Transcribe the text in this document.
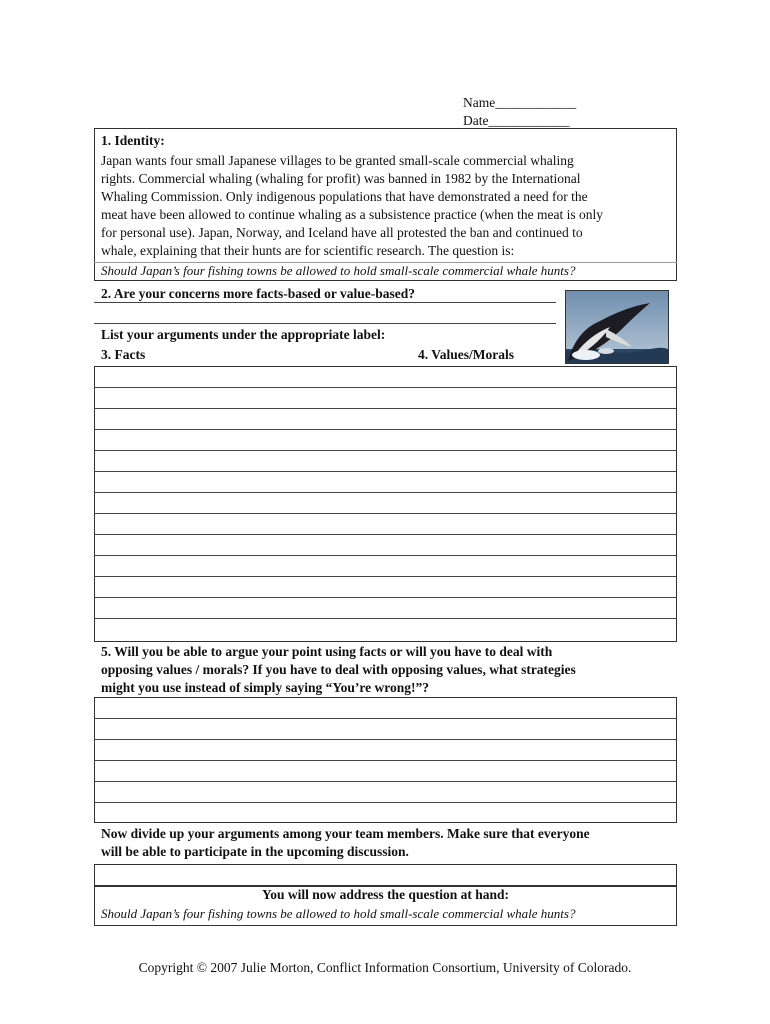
Name____________
Date____________
1. Identity:
Japan wants four small Japanese villages to be granted small-scale commercial whaling
rights. Commercial whaling (whaling for profit) was banned in 1982 by the International
Whaling Commission. Only indigenous populations that have demonstrated a need for the
meat have been allowed to continue whaling as a subsistence practice (when the meat is only
for personal use). Japan, Norway, and Iceland have all protested the ban and continued to
whale, explaining that their hunts are for scientific research. The question is:
Should Japan’s four fishing towns be allowed to hold small-scale commercial whale hunts?
2. Are your concerns more facts-based or value-based?
List your arguments under the appropriate label:
3. Facts	4. Values/Morals
5. Will you be able to argue your point using facts or will you have to deal with
opposing values / morals? If you have to deal with opposing values, what strategies
might you use instead of simply saying “You’re wrong!”?
Now divide up your arguments among your team members. Make sure that everyone
will be able to participate in the upcoming discussion.
You will now address the question at hand:
Should Japan’s four fishing towns be allowed to hold small-scale commercial whale hunts?
Copyright © 2007 Julie Morton, Conflict Information Consortium, University of Colorado.
